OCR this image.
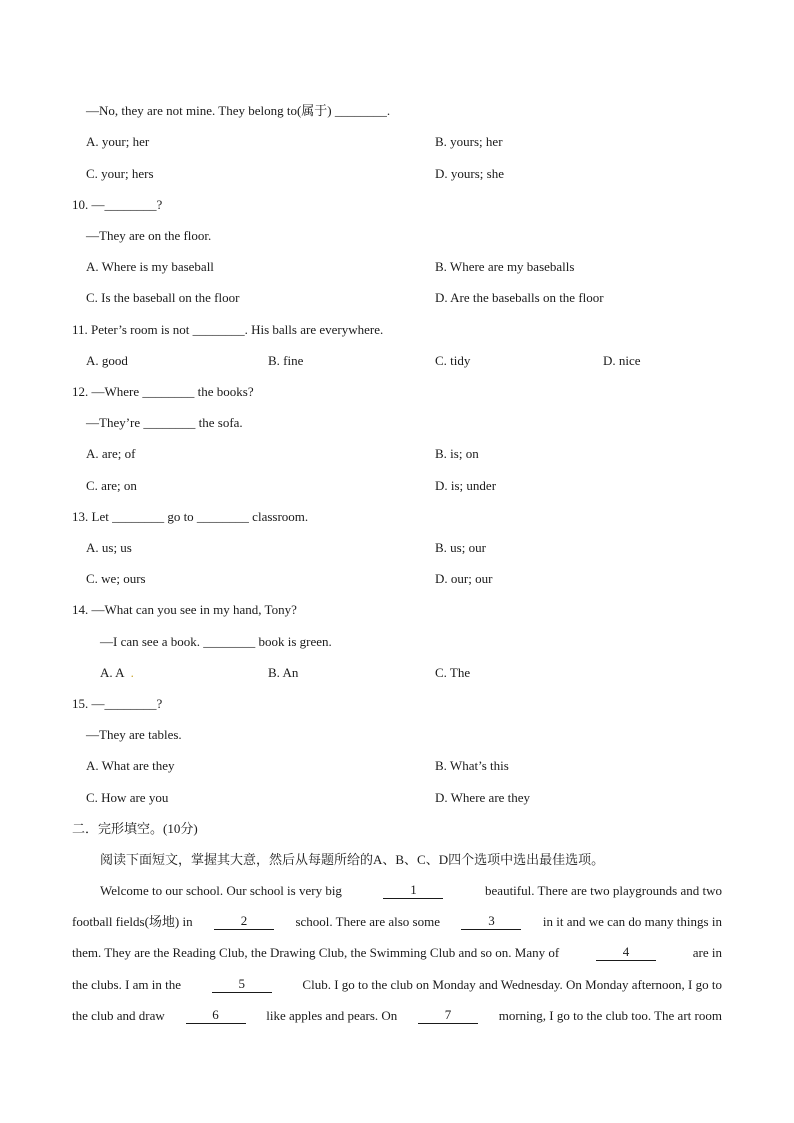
—No, they are not mine. They belong to(属于) ________.
A. your; her	B. yours; her
C. your; hers	D. yours; she
10. —________?
—They are on the floor.
A. Where is my baseball	B. Where are my baseballs
C. Is the baseball on the floor	D. Are the baseballs on the floor
11. Peter’s room is not ________. His balls are everywhere.
A. good	B. fine	C. tidy	D. nice
12. —Where ________ the books?
—They’re ________ the sofa.
A. are; of	B. is; on
C. are; on	D. is; under
13. Let ________ go to ________ classroom.
A. us; us	B. us; our
C. we; ours	D. our; our
14. —What can you see in my hand, Tony?
—I can see a book. ________ book is green.
A. A .	B. An	C. The
15. —________?
—They are tables.
A. What are they	B. What’s this
C. How are you	D. Where are they
二．完形填空。(10分)
阅读下面短文，掌握其大意，然后从每题所给的A、B、C、D四个选项中选出最佳选项。
Welcome to our school. Our school is very big	1	beautiful. There are two playgrounds and two
football fields(场地) in	2	school. There are also some	3	in it and we can do many things in
them. They are the Reading Club, the Drawing Club, the Swimming Club and so on. Many of	4	are in
the clubs. I am in the	5	Club. I go to the club on Monday and Wednesday. On Monday afternoon, I go to
the club and draw	6	like apples and pears. On	7	morning, I go to the club too. The art room
